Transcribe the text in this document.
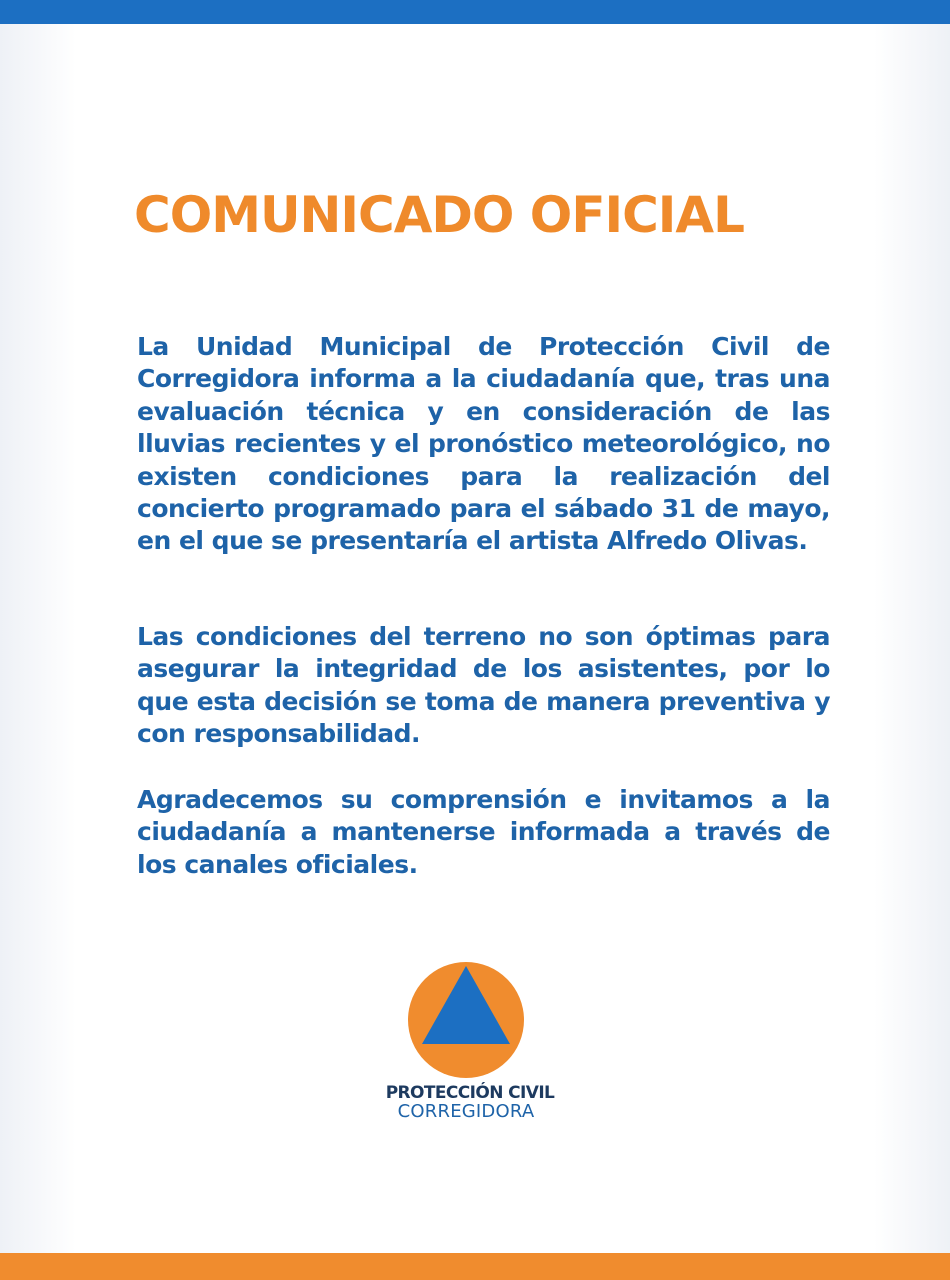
COMUNICADO OFICIAL

La Unidad Municipal de Protección Civil de Corregidora informa a la ciudadanía que, tras una evaluación técnica y en consideración de las lluvias recientes y el pronóstico meteorológico, no existen condiciones para la realización del concierto programado para el sábado 31 de mayo, en el que se presentaría el artista Alfredo Olivas.

Las condiciones del terreno no son óptimas para asegurar la integridad de los asistentes, por lo que esta decisión se toma de manera preventiva y con responsabilidad.

Agradecemos su comprensión e invitamos a la ciudadanía a mantenerse informada a través de los canales oficiales.

PROTECCIÓN CIVIL
CORREGIDORA
